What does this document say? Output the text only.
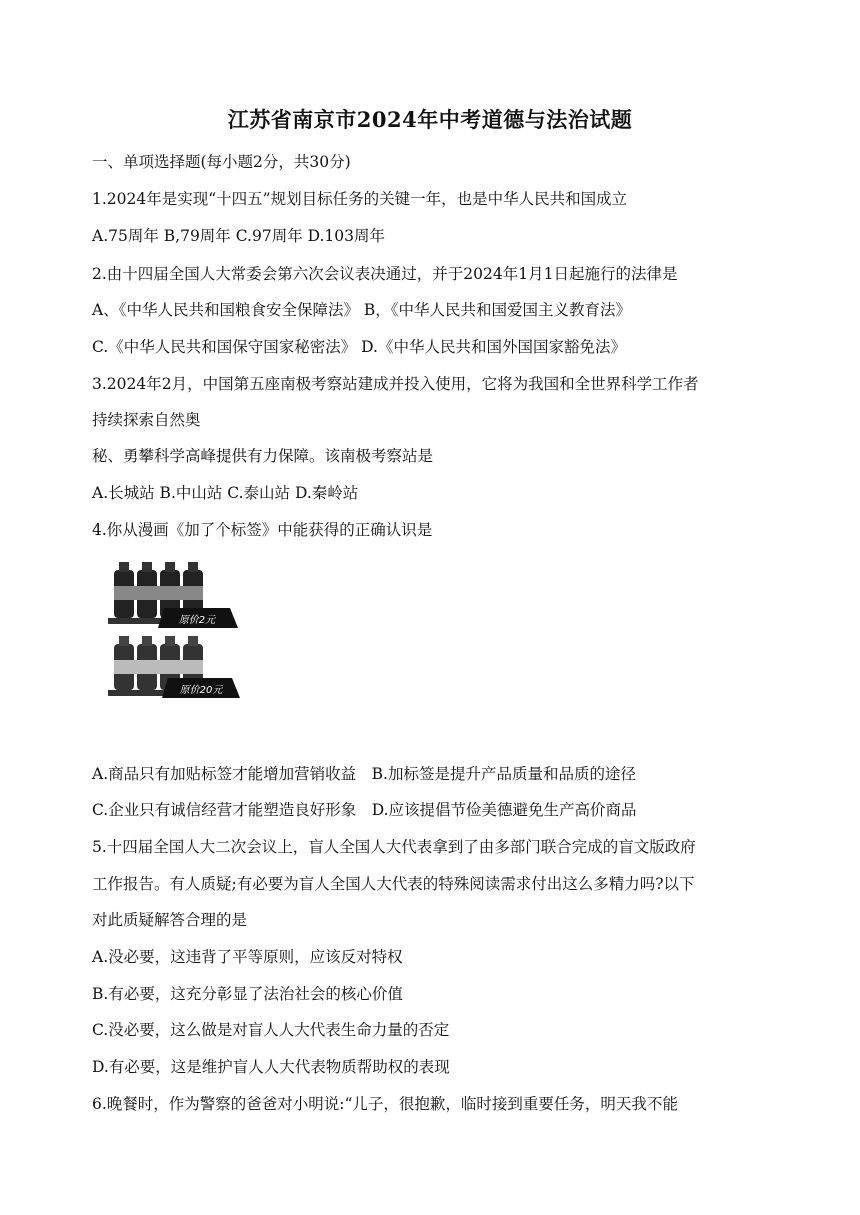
江苏省南京市2024年中考道德与法治试题
一、单项选择题(每小题2分，共30分)
1.2024年是实现“十四五”规划目标任务的关键一年，也是中华人民共和国成立
A.75周年 B,79周年 C.97周年 D.103周年
2.由十四届全国人大常委会第六次会议表决通过，并于2024年1月1日起施行的法律是
A、《中华人民共和国粮食安全保障法》 B，《中华人民共和国爱国主义教育法》
C.《中华人民共和国保守国家秘密法》 D.《中华人民共和国外国国家豁免法》
3.2024年2月，中国第五座南极考察站建成并投入使用，它将为我国和全世界科学工作者
持续探索自然奥
秘、勇攀科学高峰提供有力保障。该南极考察站是
A.长城站 B.中山站 C.泰山站 D.秦岭站
4.你从漫画《加了个标签》中能获得的正确认识是
原价2元
原价20元
A.商品只有加贴标签才能增加营销收益　B.加标签是提升产品质量和品质的途径
C.企业只有诚信经营才能塑造良好形象　D.应该提倡节俭美德避免生产高价商品
5.十四届全国人大二次会议上，盲人全国人大代表拿到了由多部门联合完成的盲文版政府
工作报告。有人质疑;有必要为盲人全国人大代表的特殊阅读需求付出这么多精力吗?以下
对此质疑解答合理的是
A.没必要，这违背了平等原则，应该反对特权
B.有必要，这充分彰显了法治社会的核心价值
C.没必要，这么做是对盲人人大代表生命力量的否定
D.有必要，这是维护盲人人大代表物质帮助权的表现
6.晚餐时，作为警察的爸爸对小明说:“儿子，很抱歉，临时接到重要任务，明天我不能
